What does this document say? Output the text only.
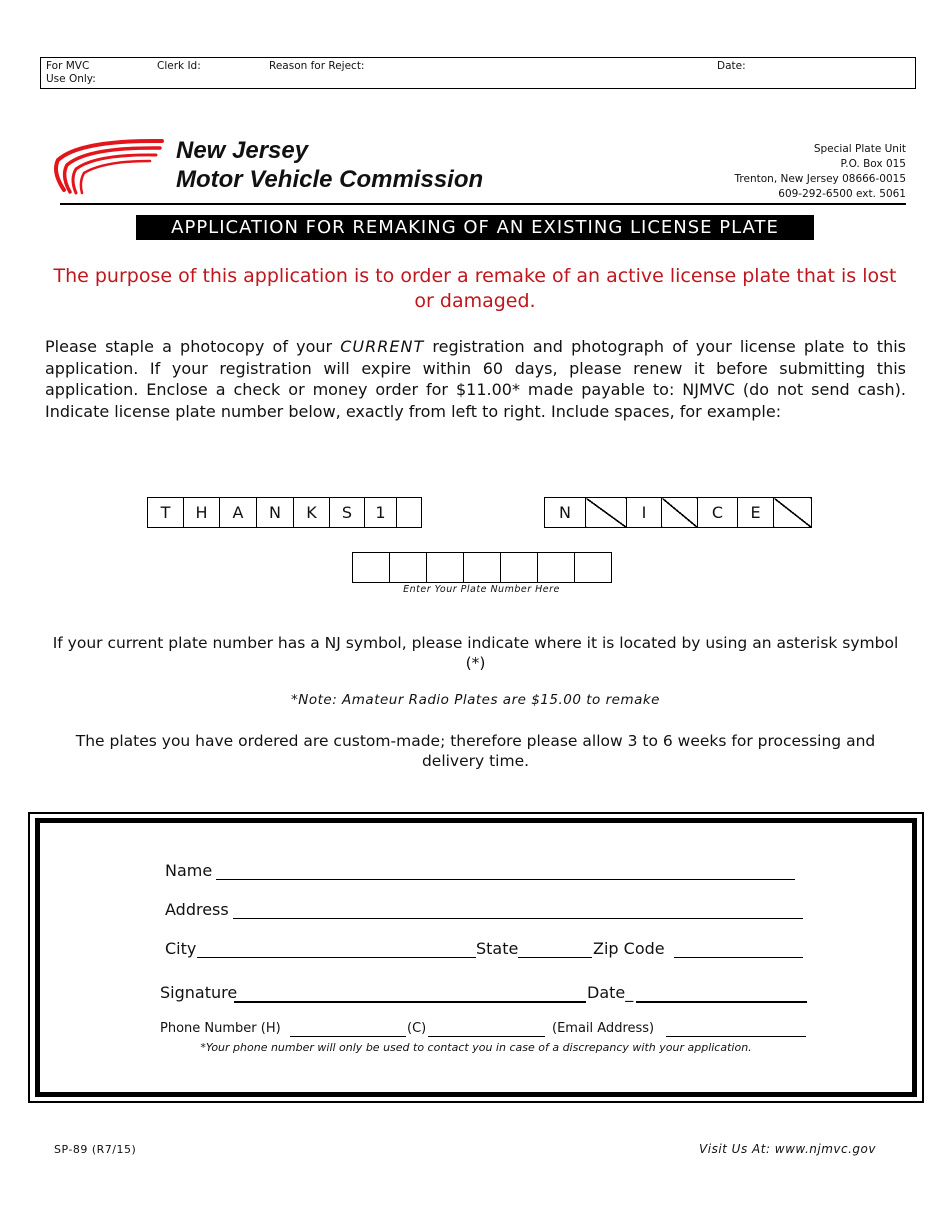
For MVC
Use Only:
Clerk Id:	Reason for Reject:	Date:
New Jersey
Motor Vehicle Commission
Special Plate Unit
P.O. Box 015
Trenton, New Jersey 08666-0015
609-292-6500 ext. 5061
APPLICATION FOR REMAKING OF AN EXISTING LICENSE PLATE
The purpose of this application is to order a remake of an active license plate that is lost or damaged.
Please staple a photocopy of your CURRENT registration and photograph of your license plate to this application. If your registration will expire within 60 days, please renew it before submitting this application. Enclose a check or money order for $11.00* made payable to: NJMVC (do not send cash). Indicate license plate number below, exactly from left to right. Include spaces, for example:
T	H	A	N	K	S	1		N		I		C	E	

Enter Your Plate Number Here
If your current plate number has a NJ symbol, please indicate where it is located by using an asterisk symbol (*)
*Note: Amateur Radio Plates are $15.00 to remake
The plates you have ordered are custom-made; therefore please allow 3 to 6 weeks for processing and delivery time.
Name
Address
City	State	Zip Code
Signature	Date_
Phone Number (H)	(C)	(Email Address)
*Your phone number will only be used to contact you in case of a discrepancy with your application.
SP-89 (R7/15)	Visit Us At: www.njmvc.gov
